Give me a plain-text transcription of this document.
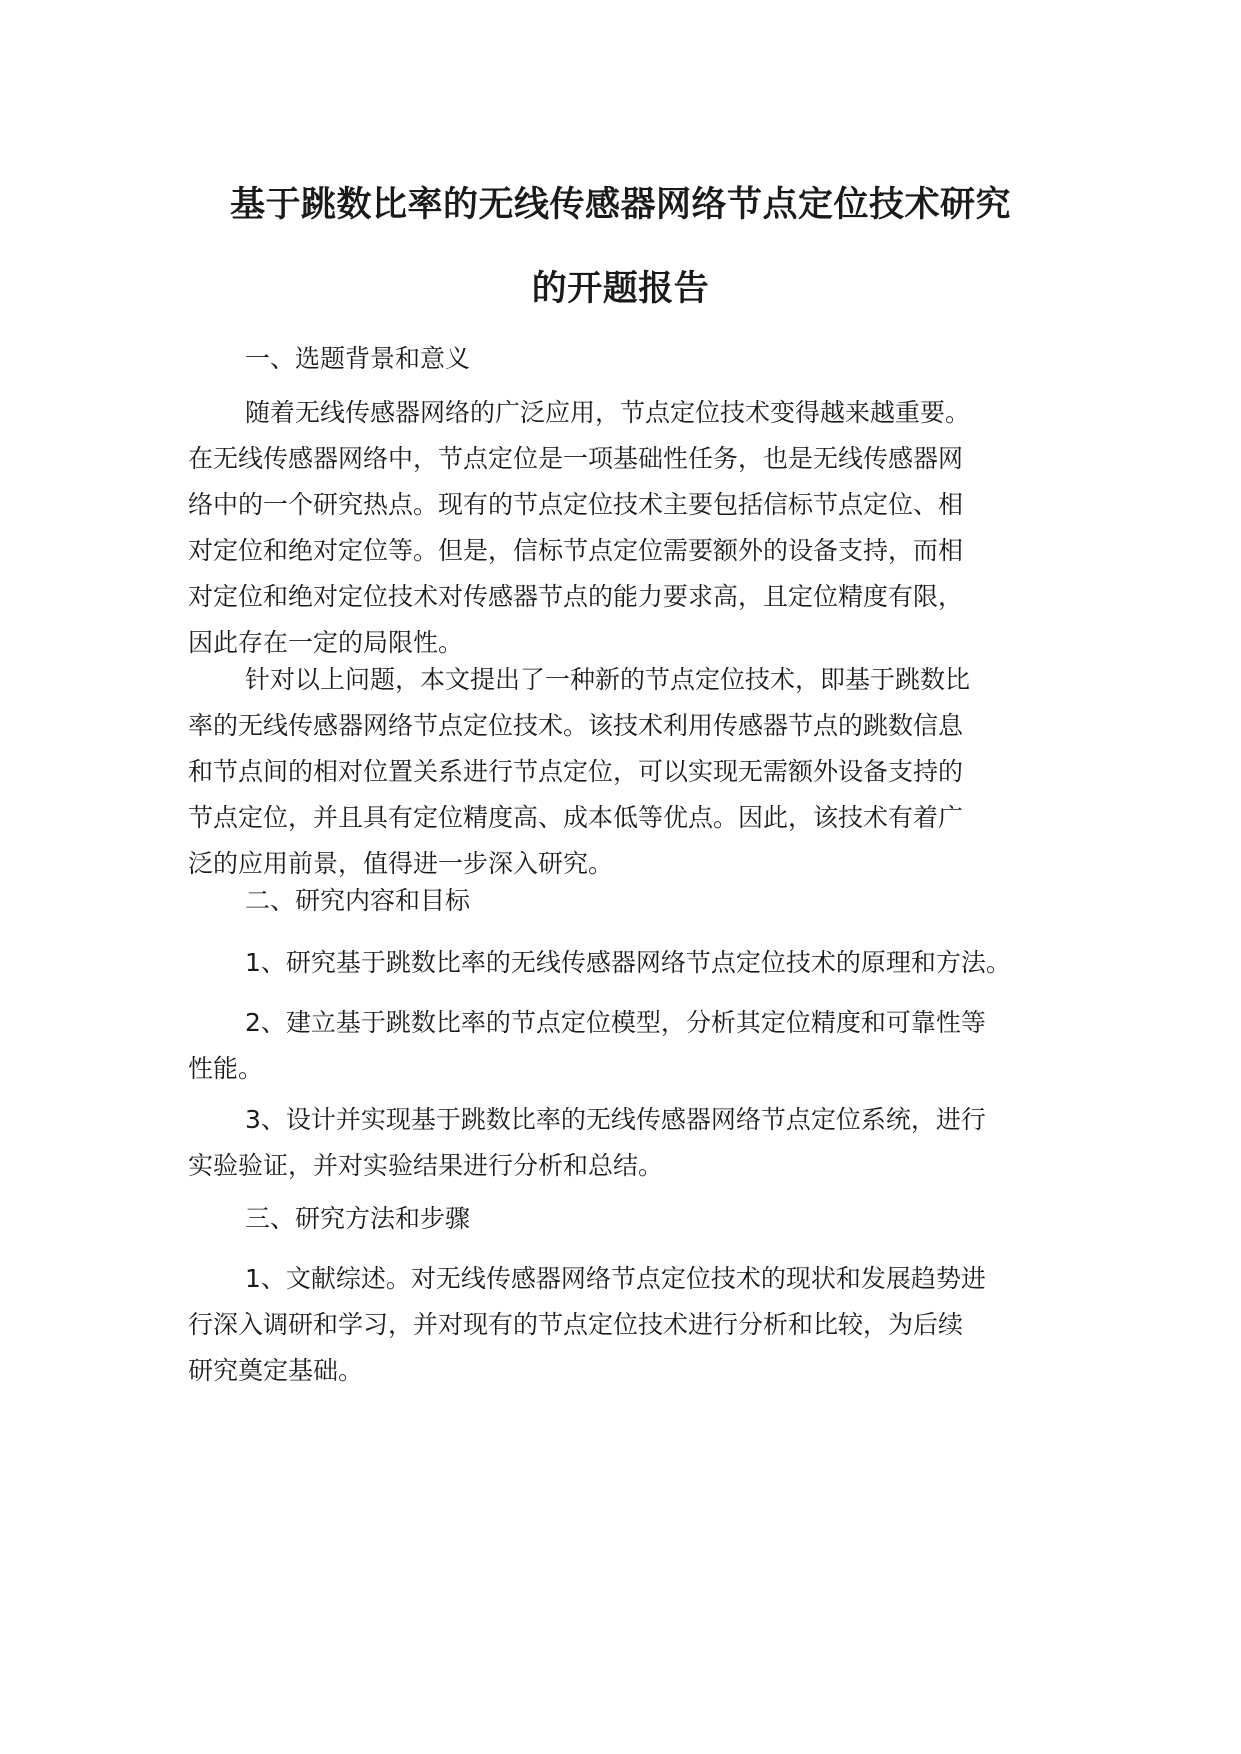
基于跳数比率的无线传感器网络节点定位技术研究
的开题报告

一、选题背景和意义

随着无线传感器网络的广泛应用，节点定位技术变得越来越重要。

在无线传感器网络中，节点定位是一项基础性任务，也是无线传感器网

络中的一个研究热点。现有的节点定位技术主要包括信标节点定位、相

对定位和绝对定位等。但是，信标节点定位需要额外的设备支持，而相

对定位和绝对定位技术对传感器节点的能力要求高，且定位精度有限，

因此存在一定的局限性。

针对以上问题，本文提出了一种新的节点定位技术，即基于跳数比

率的无线传感器网络节点定位技术。该技术利用传感器节点的跳数信息

和节点间的相对位置关系进行节点定位，可以实现无需额外设备支持的

节点定位，并且具有定位精度高、成本低等优点。因此，该技术有着广

泛的应用前景，值得进一步深入研究。

二、研究内容和目标

1、研究基于跳数比率的无线传感器网络节点定位技术的原理和方法。

2、建立基于跳数比率的节点定位模型，分析其定位精度和可靠性等

性能。

3、设计并实现基于跳数比率的无线传感器网络节点定位系统，进行

实验验证，并对实验结果进行分析和总结。

三、研究方法和步骤

1、文献综述。对无线传感器网络节点定位技术的现状和发展趋势进

行深入调研和学习，并对现有的节点定位技术进行分析和比较，为后续

研究奠定基础。
